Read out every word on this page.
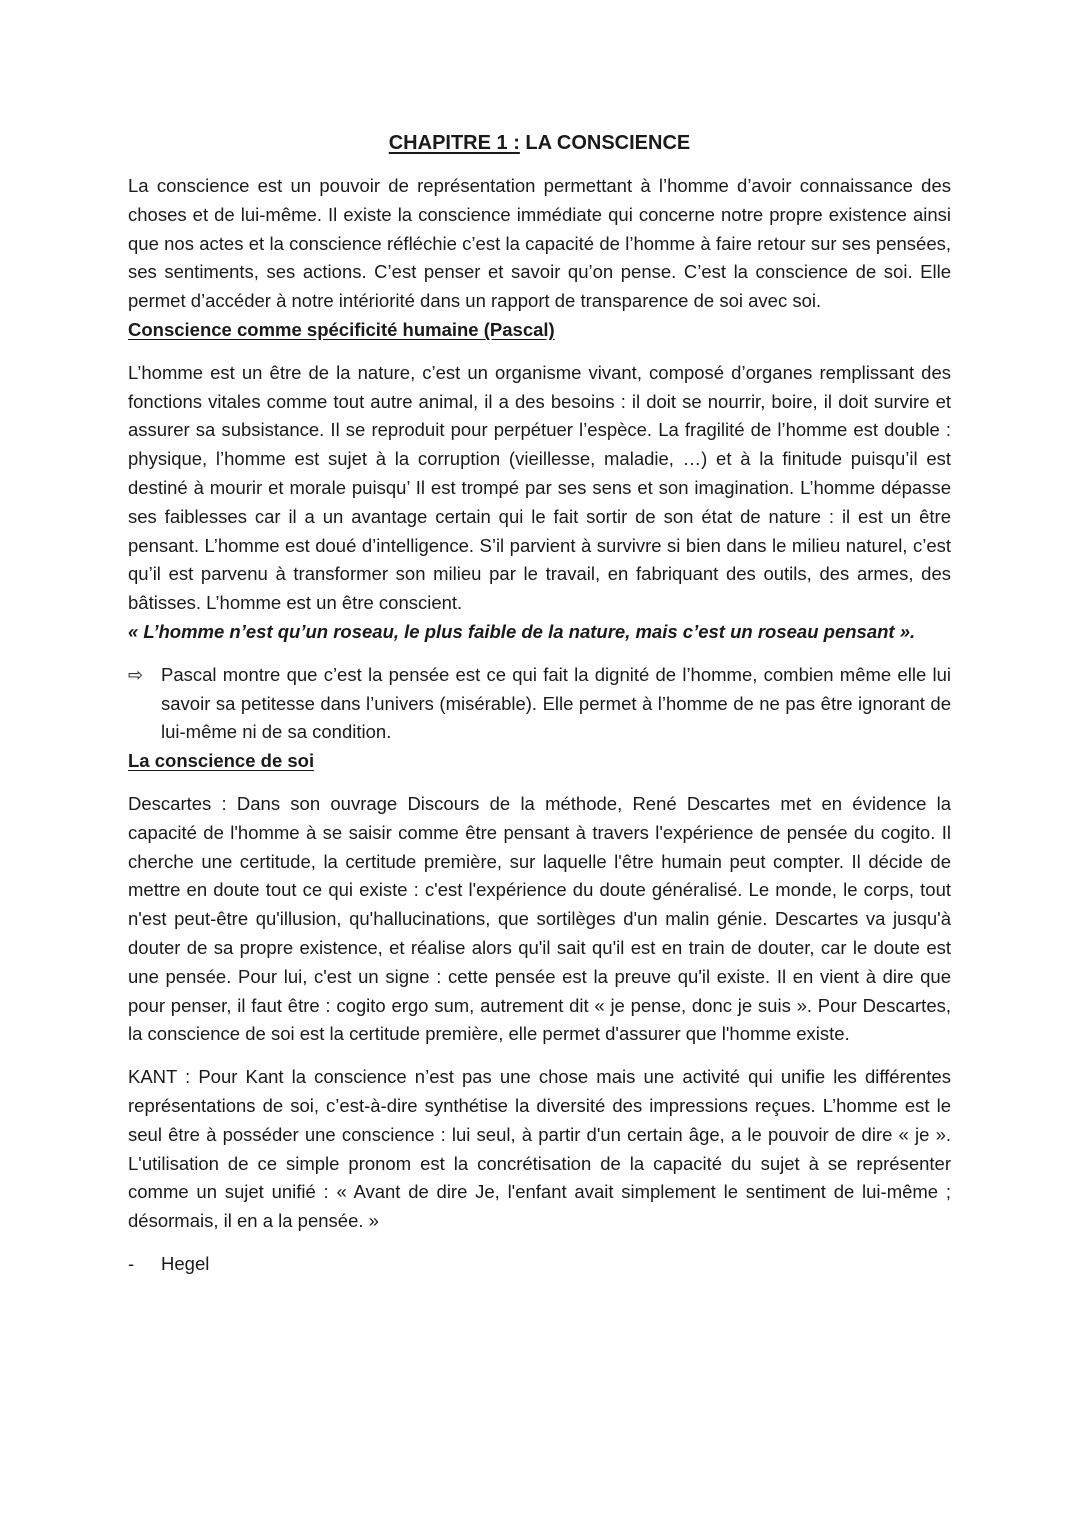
CHAPITRE 1 : LA CONSCIENCE

La conscience est un pouvoir de représentation permettant à l’homme d’avoir connaissance des choses et de lui-même. Il existe la conscience immédiate qui concerne notre propre existence ainsi que nos actes et la conscience réfléchie c’est la capacité de l’homme à faire retour sur ses pensées, ses sentiments, ses actions. C’est penser et savoir qu’on pense. C’est la conscience de soi. Elle permet d’accéder à notre intériorité dans un rapport de transparence de soi avec soi.

Conscience comme spécificité humaine (Pascal)

L’homme est un être de la nature, c’est un organisme vivant, composé d’organes remplissant des fonctions vitales comme tout autre animal, il a des besoins : il doit se nourrir, boire, il doit survire et assurer sa subsistance. Il se reproduit pour perpétuer l’espèce. La fragilité de l’homme est double : physique, l’homme est sujet à la corruption (vieillesse, maladie, …) et à la finitude puisqu’il est destiné à mourir et morale puisqu’ Il est trompé par ses sens et son imagination. L’homme dépasse ses faiblesses car il a un avantage certain qui le fait sortir de son état de nature : il est un être pensant. L’homme est doué d’intelligence. S’il parvient à survivre si bien dans le milieu naturel, c’est qu’il est parvenu à transformer son milieu par le travail, en fabriquant des outils, des armes, des bâtisses. L’homme est un être conscient.

« L’homme n’est qu’un roseau, le plus faible de la nature, mais c’est un roseau pensant ».
⇨ Pascal montre que c’est la pensée est ce qui fait la dignité de l’homme, combien même elle lui savoir sa petitesse dans l’univers (misérable). Elle permet à l’homme de ne pas être ignorant de lui-même ni de sa condition.

La conscience de soi

Descartes : Dans son ouvrage Discours de la méthode, René Descartes met en évidence la capacité de l'homme à se saisir comme être pensant à travers l'expérience de pensée du cogito. Il cherche une certitude, la certitude première, sur laquelle l'être humain peut compter. Il décide de mettre en doute tout ce qui existe : c'est l'expérience du doute généralisé. Le monde, le corps, tout n'est peut-être qu'illusion, qu'hallucinations, que sortilèges d'un malin génie. Descartes va jusqu'à douter de sa propre existence, et réalise alors qu'il sait qu'il est en train de douter, car le doute est une pensée. Pour lui, c'est un signe : cette pensée est la preuve qu'il existe. Il en vient à dire que pour penser, il faut être : cogito ergo sum, autrement dit « je pense, donc je suis ». Pour Descartes, la conscience de soi est la certitude première, elle permet d'assurer que l'homme existe.

KANT : Pour Kant la conscience n’est pas une chose mais une activité qui unifie les différentes représentations de soi, c’est-à-dire synthétise la diversité des impressions reçues. L’homme est le seul être à posséder une conscience : lui seul, à partir d'un certain âge, a le pouvoir de dire « je ». L'utilisation de ce simple pronom est la concrétisation de la capacité du sujet à se représenter comme un sujet unifié : « Avant de dire Je, l'enfant avait simplement le sentiment de lui-même ; désormais, il en a la pensée. »

- Hegel
